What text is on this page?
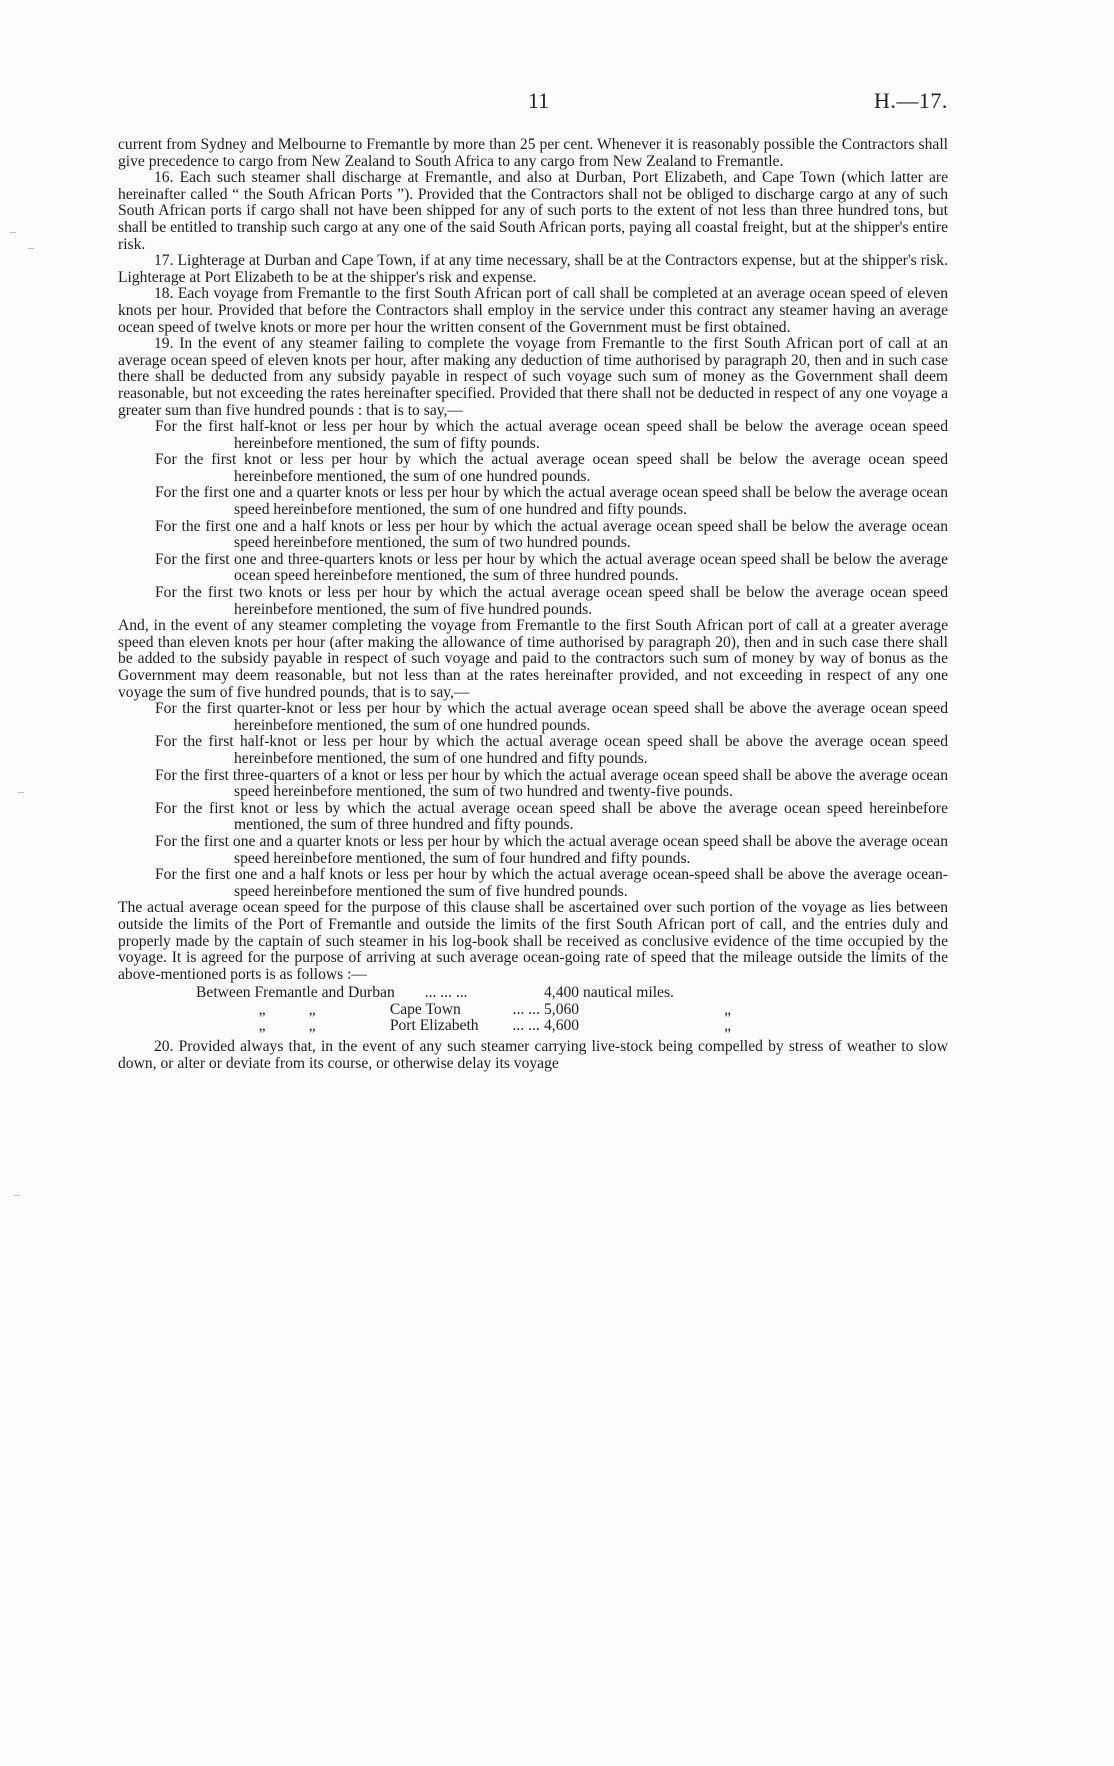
11	H.—17.

current from Sydney and Melbourne to Fremantle by more than 25 per cent. Whenever it is reasonably possible the Contractors shall give precedence to cargo from New Zealand to South Africa to any cargo from New Zealand to Fremantle.

16. Each such steamer shall discharge at Fremantle, and also at Durban, Port Elizabeth, and Cape Town (which latter are hereinafter called “ the South African Ports ”). Provided that the Contractors shall not be obliged to discharge cargo at any of such South African ports if cargo shall not have been shipped for any of such ports to the extent of not less than three hundred tons, but shall be entitled to tranship such cargo at any one of the said South African ports, paying all coastal freight, but at the shipper's entire risk.

17. Lighterage at Durban and Cape Town, if at any time necessary, shall be at the Contractors expense, but at the shipper's risk. Lighterage at Port Elizabeth to be at the shipper's risk and expense.

18. Each voyage from Fremantle to the first South African port of call shall be completed at an average ocean speed of eleven knots per hour. Provided that before the Contractors shall employ in the service under this contract any steamer having an average ocean speed of twelve knots or more per hour the written consent of the Government must be first obtained.

19. In the event of any steamer failing to complete the voyage from Fremantle to the first South African port of call at an average ocean speed of eleven knots per hour, after making any deduction of time authorised by paragraph 20, then and in such case there shall be deducted from any subsidy payable in respect of such voyage such sum of money as the Government shall deem reasonable, but not exceeding the rates hereinafter specified. Provided that there shall not be deducted in respect of any one voyage a greater sum than five hundred pounds : that is to say,—

For the first half-knot or less per hour by which the actual average ocean speed shall be below the average ocean speed hereinbefore mentioned, the sum of fifty pounds.

For the first knot or less per hour by which the actual average ocean speed shall be below the average ocean speed hereinbefore mentioned, the sum of one hundred pounds.

For the first one and a quarter knots or less per hour by which the actual average ocean speed shall be below the average ocean speed hereinbefore mentioned, the sum of one hundred and fifty pounds.

For the first one and a half knots or less per hour by which the actual average ocean speed shall be below the average ocean speed hereinbefore mentioned, the sum of two hundred pounds.

For the first one and three-quarters knots or less per hour by which the actual average ocean speed shall be below the average ocean speed hereinbefore mentioned, the sum of three hundred pounds.

For the first two knots or less per hour by which the actual average ocean speed shall be below the average ocean speed hereinbefore mentioned, the sum of five hundred pounds.

And, in the event of any steamer completing the voyage from Fremantle to the first South African port of call at a greater average speed than eleven knots per hour (after making the allowance of time authorised by paragraph 20), then and in such case there shall be added to the subsidy payable in respect of such voyage and paid to the contractors such sum of money by way of bonus as the Government may deem reasonable, but not less than at the rates hereinafter provided, and not exceeding in respect of any one voyage the sum of five hundred pounds, that is to say,—

For the first quarter-knot or less per hour by which the actual average ocean speed shall be above the average ocean speed hereinbefore mentioned, the sum of one hundred pounds.

For the first half-knot or less per hour by which the actual average ocean speed shall be above the average ocean speed hereinbefore mentioned, the sum of one hundred and fifty pounds.

For the first three-quarters of a knot or less per hour by which the actual average ocean speed shall be above the average ocean speed hereinbefore mentioned, the sum of two hundred and twenty-five pounds.

For the first knot or less by which the actual average ocean speed shall be above the average ocean speed hereinbefore mentioned, the sum of three hundred and fifty pounds.

For the first one and a quarter knots or less per hour by which the actual average ocean speed shall be above the average ocean speed hereinbefore mentioned, the sum of four hundred and fifty pounds.

For the first one and a half knots or less per hour by which the actual average ocean-speed shall be above the average ocean-speed hereinbefore mentioned the sum of five hundred pounds.

The actual average ocean speed for the purpose of this clause shall be ascertained over such portion of the voyage as lies between outside the limits of the Port of Fremantle and outside the limits of the first South African port of call, and the entries duly and properly made by the captain of such steamer in his log-book shall be received as conclusive evidence of the time occupied by the voyage. It is agreed for the purpose of arriving at such average ocean-going rate of speed that the mileage outside the limits of the above-mentioned ports is as follows :—

Between Fremantle and Durban ... ... ...	4,400 nautical miles.	
„ „ Cape Town ... ...	5,060	„
„ „ Port Elizabeth ... ...	4,600	„

20. Provided always that, in the event of any such steamer carrying live-stock being compelled by stress of weather to slow down, or alter or deviate from its course, or otherwise delay its voyage
